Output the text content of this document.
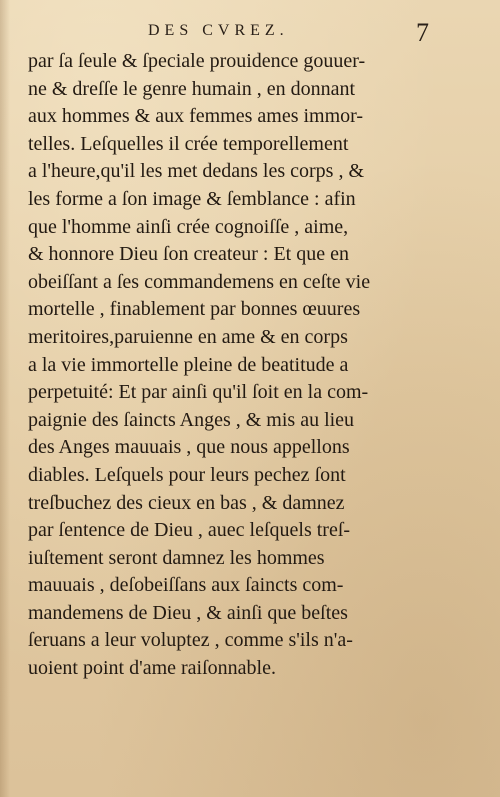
DES CVREZ.	7
par ſa ſeule & ſpeciale prouidence gouuer-
ne & dreſſe le genre humain , en donnant
aux hommes & aux femmes ames immor-
telles. Leſquelles il crée temporellement
a l'heure,qu'il les met dedans les corps , &
les forme a ſon image & ſemblance : afin
que l'homme ainſi crée cognoiſſe , aime,
& honnore Dieu ſon createur : Et que en
obeiſſant a ſes commandemens en ceſte vie
mortelle , finablement par bonnes œuures
meritoires,paruienne en ame & en corps
a la vie immortelle pleine de beatitude a
perpetuité: Et par ainſi qu'il ſoit en la com-
paignie des ſaincts Anges , & mis au lieu
des Anges mauuais , que nous appellons
diables. Leſquels pour leurs pechez ſont
treſbuchez des cieux en bas , & damnez
par ſentence de Dieu , auec leſquels treſ-
iuſtement seront damnez les hommes
mauuais , deſobeiſſans aux ſaincts com-
mandemens de Dieu , & ainſi que beſtes
ſeruans a leur voluptez , comme s'ils n'a-
uoient point d'ame raiſonnable.
